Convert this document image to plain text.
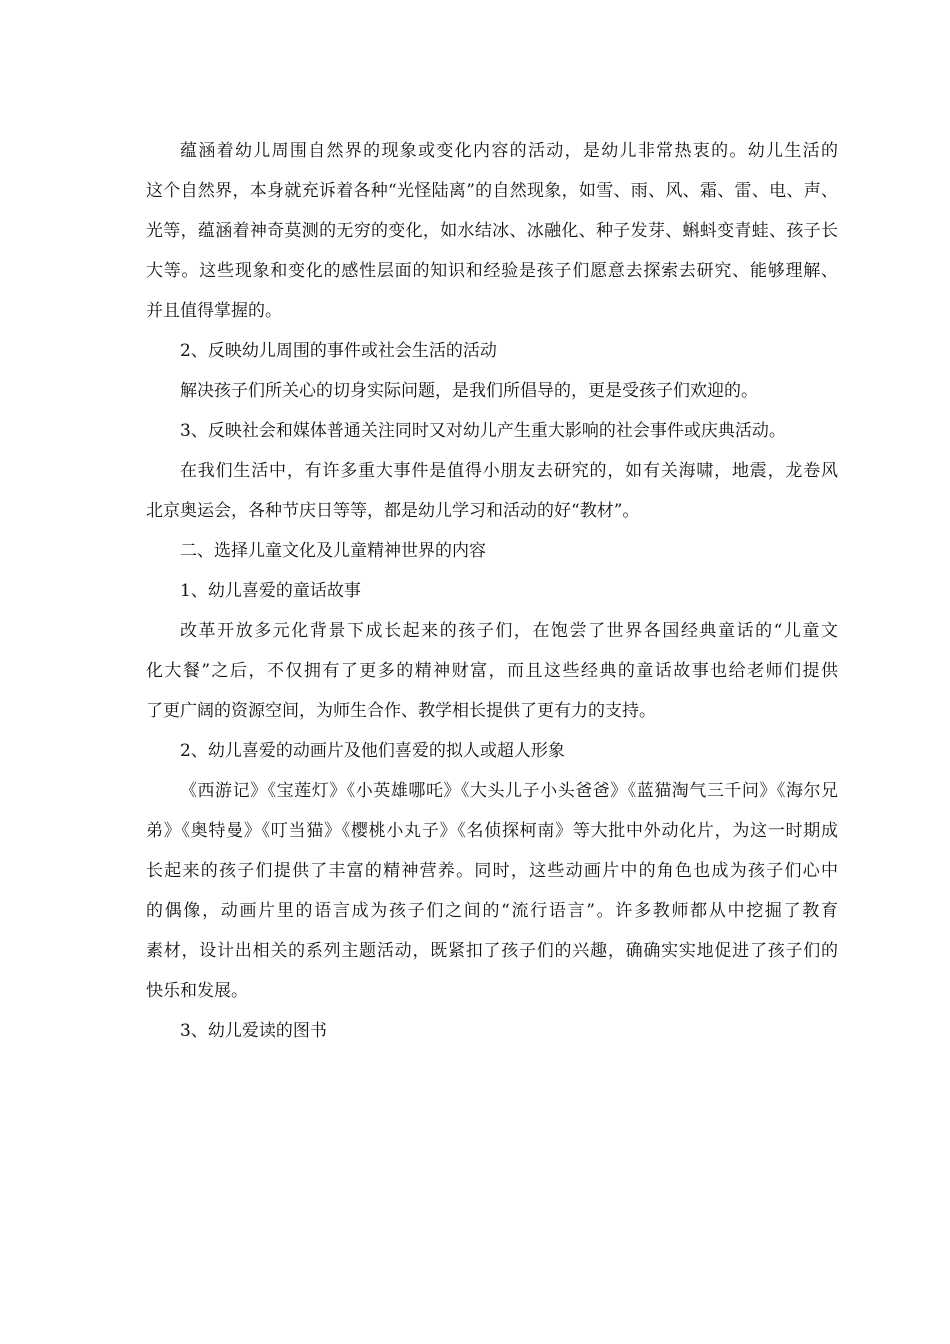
蕴涵着幼儿周围自然界的现象或变化内容的活动，是幼儿非常热衷的。幼儿生活的
这个自然界，本身就充诉着各种“光怪陆离”的自然现象，如雪、雨、风、霜、雷、电、声、
光等，蕴涵着神奇莫测的无穷的变化，如水结冰、冰融化、种子发芽、蝌蚪变青蛙、孩子长
大等。这些现象和变化的感性层面的知识和经验是孩子们愿意去探索去研究、能够理解、
并且值得掌握的。
2、反映幼儿周围的事件或社会生活的活动
解决孩子们所关心的切身实际问题，是我们所倡导的，更是受孩子们欢迎的。
3、反映社会和媒体普通关注同时又对幼儿产生重大影响的社会事件或庆典活动。
在我们生活中，有许多重大事件是值得小朋友去研究的，如有关海啸，地震，龙卷风
北京奥运会，各种节庆日等等，都是幼儿学习和活动的好“教材”。
二、选择儿童文化及儿童精神世界的内容
1、幼儿喜爱的童话故事
改革开放多元化背景下成长起来的孩子们，在饱尝了世界各国经典童话的“儿童文
化大餐”之后，不仅拥有了更多的精神财富，而且这些经典的童话故事也给老师们提供
了更广阔的资源空间，为师生合作、教学相长提供了更有力的支持。
2、幼儿喜爱的动画片及他们喜爱的拟人或超人形象
《西游记》《宝莲灯》《小英雄哪吒》《大头儿子小头爸爸》《蓝猫淘气三千问》《海尔兄
弟》《奥特曼》《叮当猫》《樱桃小丸子》《名侦探柯南》等大批中外动化片，为这一时期成
长起来的孩子们提供了丰富的精神营养。同时，这些动画片中的角色也成为孩子们心中
的偶像，动画片里的语言成为孩子们之间的“流行语言”。许多教师都从中挖掘了教育
素材，设计出相关的系列主题活动，既紧扣了孩子们的兴趣，确确实实地促进了孩子们的
快乐和发展。
3、幼儿爱读的图书
